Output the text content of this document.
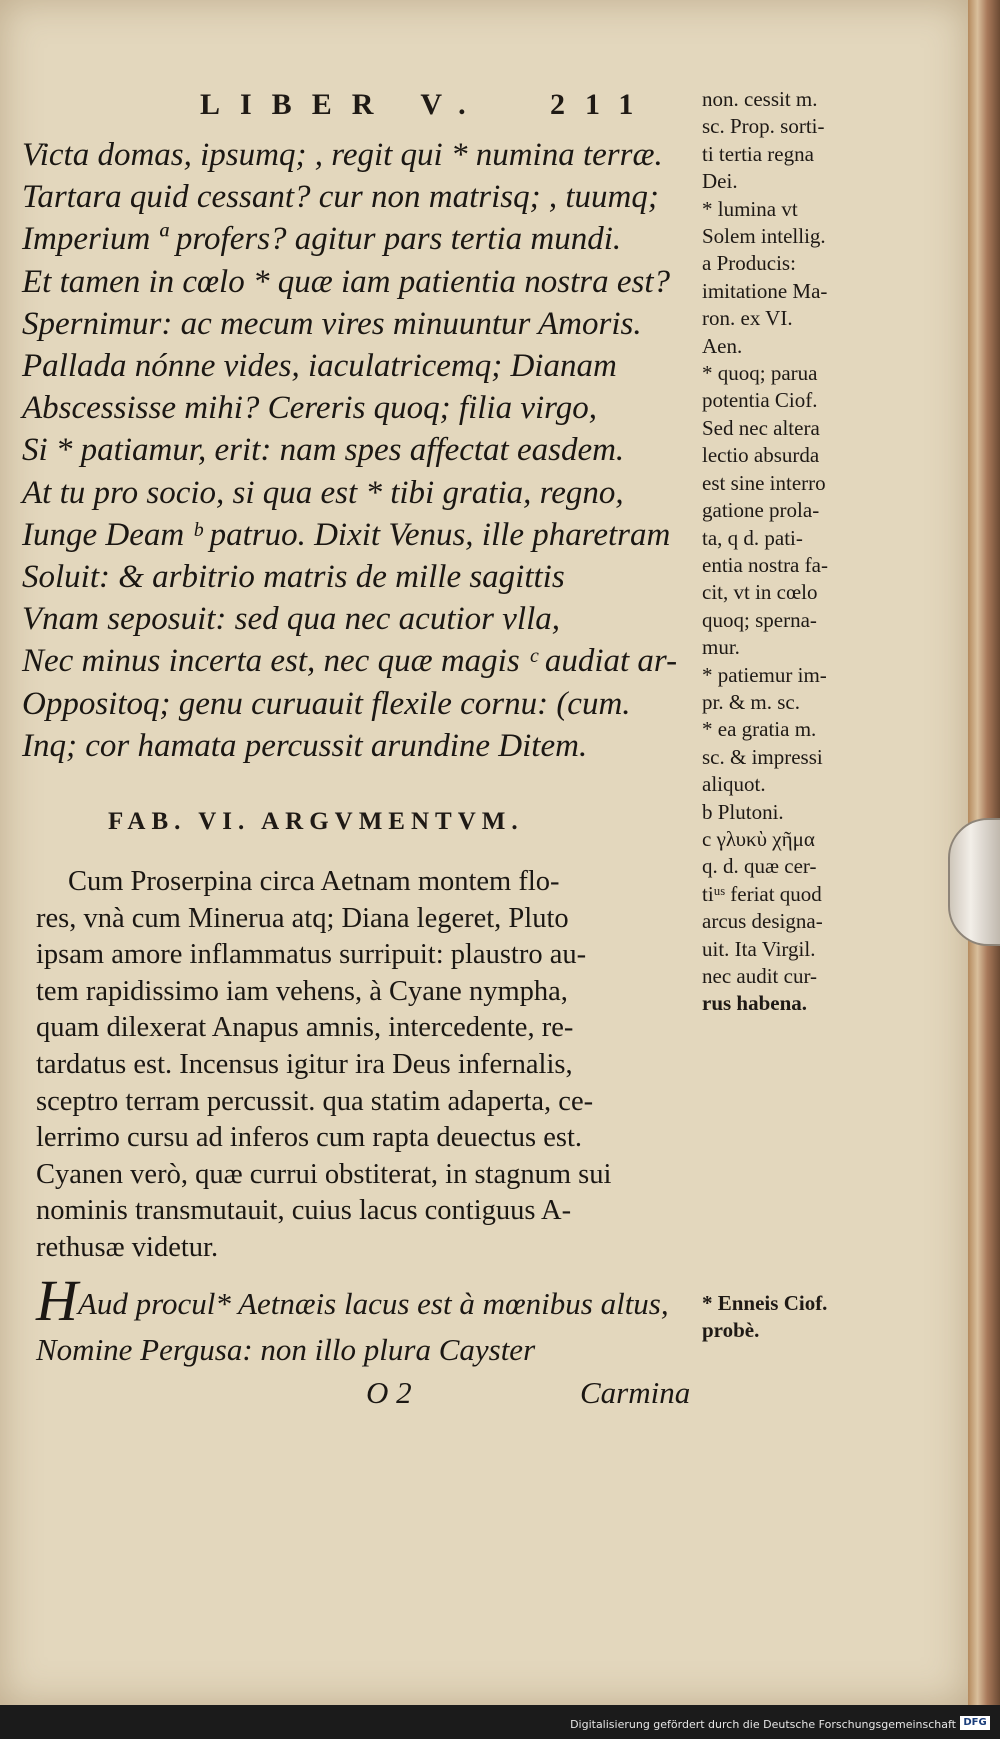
LIBER V. 211
Victa domas, ipsumq; , regit qui * numina terræ.
Tartara quid cessant? cur non matrisq; , tuumq;
Imperium ª profers? agitur pars tertia mundi.
Et tamen in cœlo * quæ iam patientia nostra est?
Spernimur: ac mecum vires minuuntur Amoris.
Pallada nónne vides, iaculatricemq; Dianam
Abscessisse mihi? Cereris quoq; filia virgo,
Si * patiamur, erit: nam spes affectat easdem.
At tu pro socio, si qua est * tibi gratia, regno,
Iunge Deam ᵇ patruo. Dixit Venus, ille pharetram
Soluit: & arbitrio matris de mille sagittis
Vnam seposuit: sed qua nec acutior vlla,
Nec minus incerta est, nec quæ magis ᶜ audiat ar-
Oppositoq; genu curuauit flexile cornu: (cum.
Inq; cor hamata percussit arundine Ditem.
FAB. VI. ARGVMENTVM.
Cum Proserpina circa Aetnam montem flo-
res, vnà cum Minerua atq; Diana legeret, Pluto
ipsam amore inflammatus surripuit: plaustro au-
tem rapidissimo iam vehens, à Cyane nympha,
quam dilexerat Anapus amnis, intercedente, re-
tardatus est. Incensus igitur ira Deus infernalis,
sceptro terram percussit. qua statim adaperta, ce-
lerrimo cursu ad inferos cum rapta deuectus est.
Cyanen verò, quæ currui obstiterat, in stagnum sui
nominis transmutauit, cuius lacus contiguus A-
rethusæ videtur.
HAud procul* Aetnæis lacus est à mœnibus altus,
Nomine Pergusa: non illo plura Cayster
O 2	Carmina
non. cessit m.
sc. Prop. sorti-
ti tertia regna
Dei.
* lumina vt
Solem intellig.
a Producis:
imitatione Ma-
ron. ex VI.
Aen.
* quoq; parua
potentia Ciof.
Sed nec altera
lectio absurda
est sine interro
gatione prola-
ta, q d. pati-
entia nostra fa-
cit, vt in cœlo
quoq; sperna-
mur.
* patiemur im-
pr. & m. sc.
* ea gratia m.
sc. & impressi
aliquot.
b Plutoni.
c γλυκὺ χῆμα
q. d. quæ cer-
tiᵘˢ feriat quod
arcus designa-
uit. Ita Virgil.
nec audit cur-
rus habena.
* Enneis Ciof.
probè.
Digitalisierung gefördert durch die Deutsche Forschungsgemeinschaft DFG
